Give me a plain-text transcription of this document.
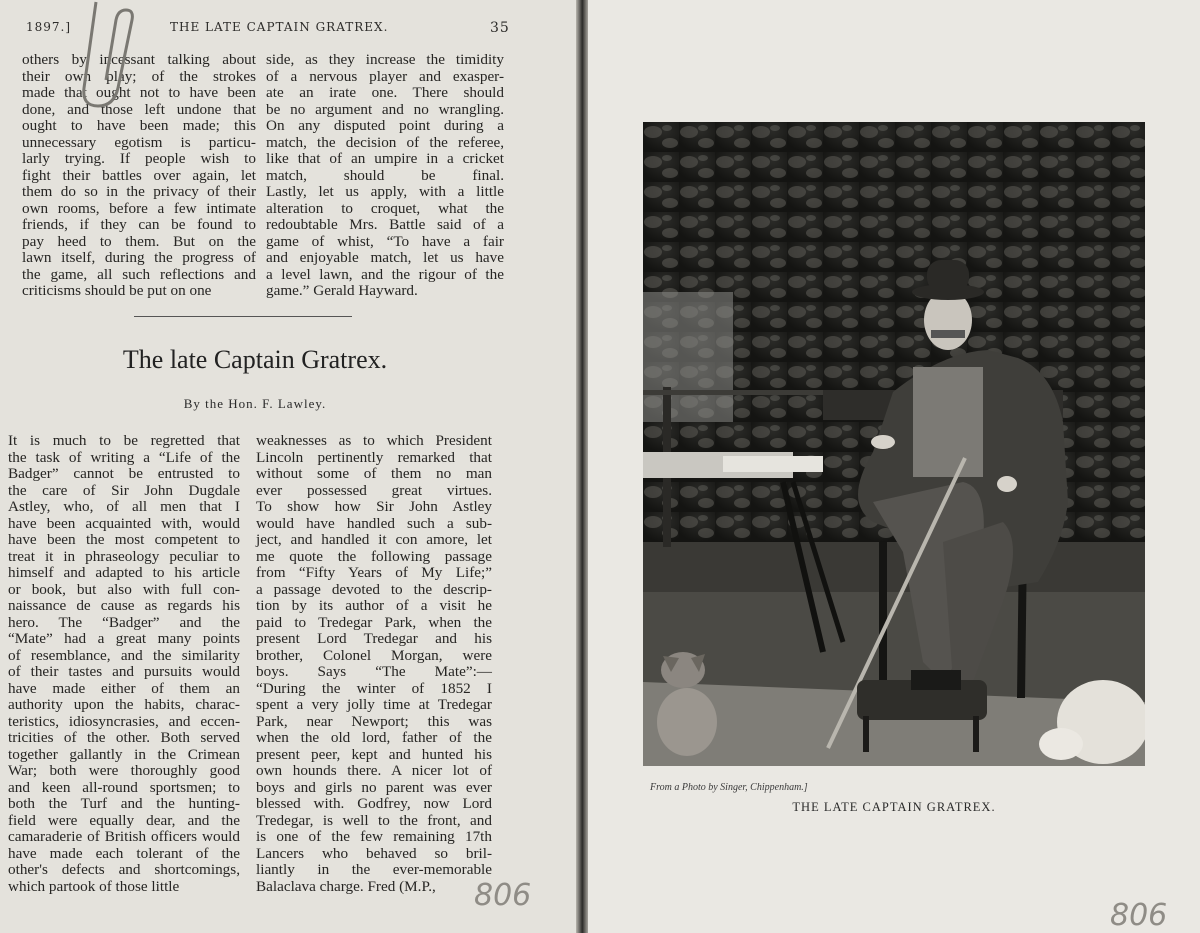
1897.]	THE LATE CAPTAIN GRATREX.	35
others by incessant talking about
their own play; of the strokes
made that ought not to have been
done, and those left undone that
ought to have been made; this
unnecessary egotism is particu-
larly trying. If people wish to
fight their battles over again, let
them do so in the privacy of their
own rooms, before a few intimate
friends, if they can be found to
pay heed to them. But on the
lawn itself, during the progress of
the game, all such reflections and
criticisms should be put on one
side, as they increase the timidity
of a nervous player and exasper-
ate an irate one. There should
be no argument and no wrangling.
On any disputed point during a
match, the decision of the referee,
like that of an umpire in a cricket
match, should be final.
Lastly, let us apply, with a little
alteration to croquet, what the
redoubtable Mrs. Battle said of a
game of whist, “To have a fair
and enjoyable match, let us have
a level lawn, and the rigour of the
game.” Gerald Hayward.
The late Captain Gratrex.
By the Hon. F. Lawley.
It is much to be regretted that
the task of writing a “Life of the
Badger” cannot be entrusted to
the care of Sir John Dugdale
Astley, who, of all men that I
have been acquainted with, would
have been the most competent to
treat it in phraseology peculiar to
himself and adapted to his article
or book, but also with full con-
naissance de cause as regards his
hero. The “Badger” and the
“Mate” had a great many points
of resemblance, and the similarity
of their tastes and pursuits would
have made either of them an
authority upon the habits, charac-
teristics, idiosyncrasies, and eccen-
tricities of the other. Both served
together gallantly in the Crimean
War; both were thoroughly good
and keen all-round sportsmen; to
both the Turf and the hunting-
field were equally dear, and the
camaraderie of British officers would
have made each tolerant of the
other's defects and shortcomings,
which partook of those little
weaknesses as to which President
Lincoln pertinently remarked that
without some of them no man
ever possessed great virtues.
To show how Sir John Astley
would have handled such a sub-
ject, and handled it con amore, let
me quote the following passage
from “Fifty Years of My Life;”
a passage devoted to the descrip-
tion by its author of a visit he
paid to Tredegar Park, when the
present Lord Tredegar and his
brother, Colonel Morgan, were
boys. Says “The Mate”:—
“During the winter of 1852 I
spent a very jolly time at Tredegar
Park, near Newport; this was
when the old lord, father of the
present peer, kept and hunted his
own hounds there. A nicer lot of
boys and girls no parent was ever
blessed with. Godfrey, now Lord
Tredegar, is well to the front, and
is one of the few remaining 17th
Lancers who behaved so bril-
liantly in the ever-memorable
Balaclava charge. Fred (M.P.,	806
From a Photo by Singer, Chippenham.]
THE LATE CAPTAIN GRATREX.
806
